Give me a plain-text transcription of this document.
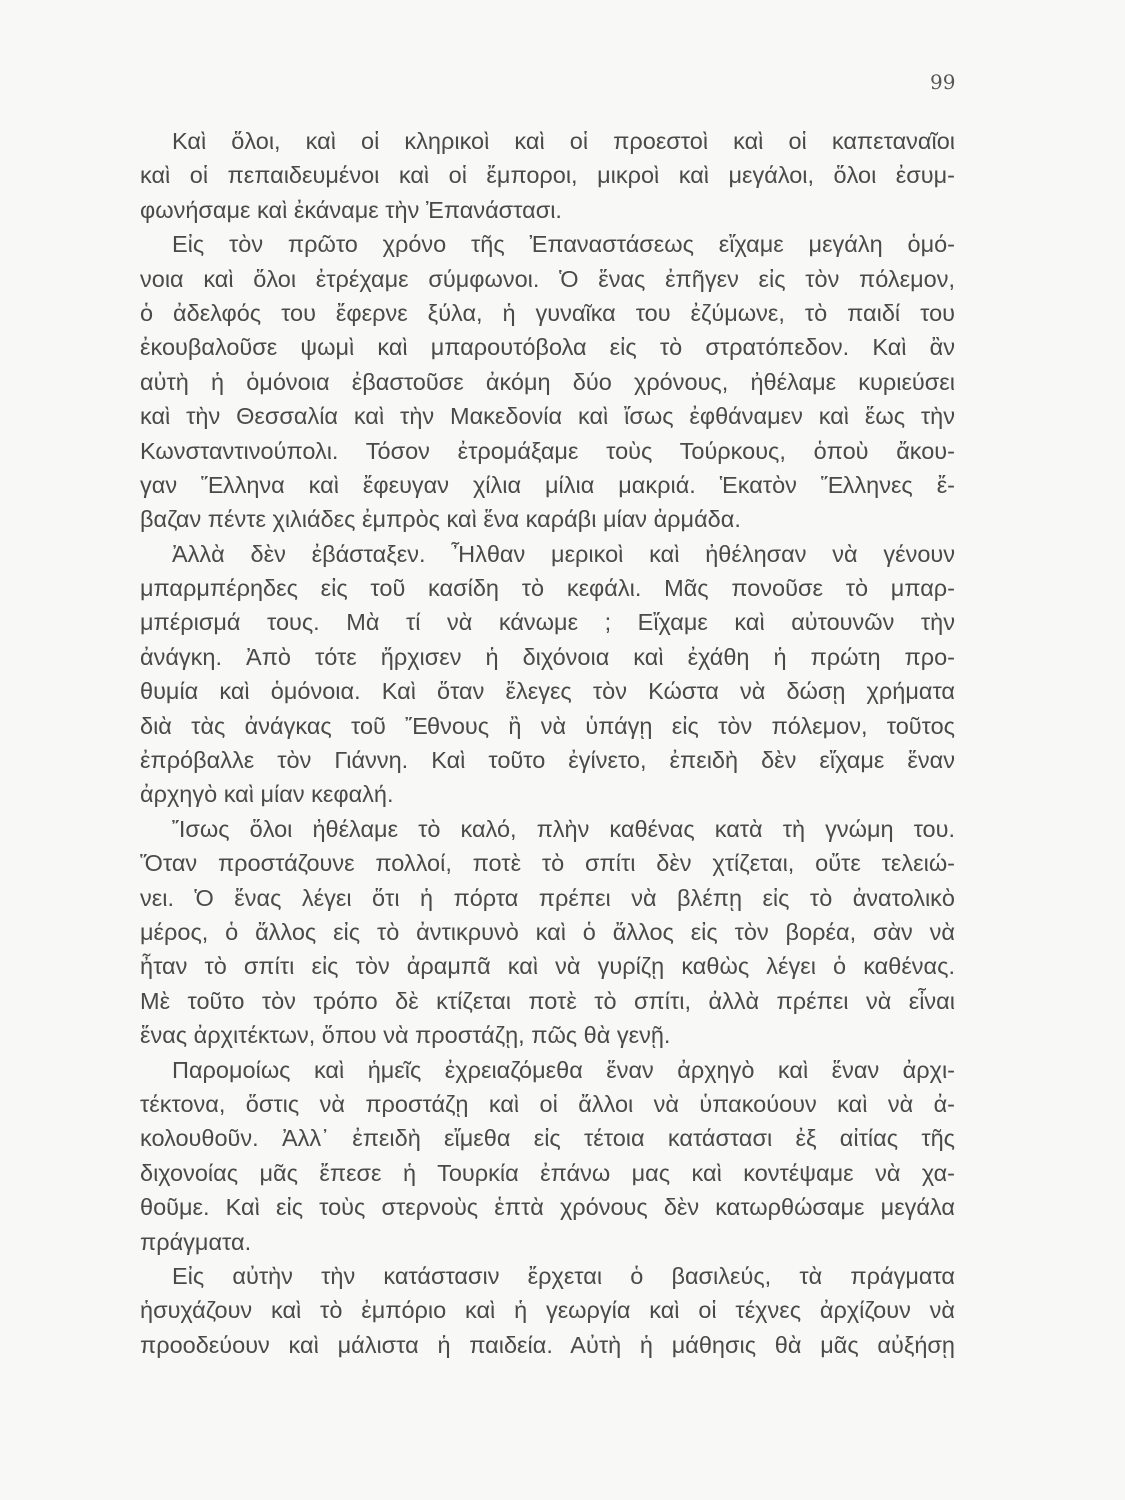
99
Καὶ ὅλοι, καὶ οἱ κληρικοὶ καὶ οἱ προεστοὶ καὶ οἱ καπεταναῖοι
καὶ οἱ πεπαιδευμένοι καὶ οἱ ἔμποροι, μικροὶ καὶ μεγάλοι, ὅλοι ἐσυμ-
φωνήσαμε καὶ ἐκάναμε τὴν Ἐπανάστασι.
Εἰς τὸν πρῶτο χρόνο τῆς Ἐπαναστάσεως εἴχαμε μεγάλη ὁμό-
νοια καὶ ὅλοι ἐτρέχαμε σύμφωνοι. Ὁ ἕνας ἐπῆγεν εἰς τὸν πόλεμον,
ὁ ἀδελφός του ἔφερνε ξύλα, ἡ γυναῖκα του ἐζύμωνε, τὸ παιδί του
ἐκουβαλοῦσε ψωμὶ καὶ μπαρουτόβολα εἰς τὸ στρατόπεδον. Καὶ ἂν
αὐτὴ ἡ ὁμόνοια ἐβαστοῦσε ἀκόμη δύο χρόνους, ἠθέλαμε κυριεύσει
καὶ τὴν Θεσσαλία καὶ τὴν Μακεδονία καὶ ἴσως ἐφθάναμεν καὶ ἕως τὴν
Κωνσταντινούπολι. Τόσον ἐτρομάξαμε τοὺς Τούρκους, ὁποὺ ἄκου-
γαν Ἕλληνα καὶ ἔφευγαν χίλια μίλια μακριά. Ἑκατὸν Ἕλληνες ἔ-
βαζαν πέντε χιλιάδες ἐμπρὸς καὶ ἕνα καράβι μίαν ἀρμάδα.
Ἀλλὰ δὲν ἐβάσταξεν. Ἦλθαν μερικοὶ καὶ ἠθέλησαν νὰ γένουν
μπαρμπέρηδες εἰς τοῦ κασίδη τὸ κεφάλι. Μᾶς πονοῦσε τὸ μπαρ-
μπέρισμά τους. Μὰ τί νὰ κάνωμε ; Εἴχαμε καὶ αὐτουνῶν τὴν
ἀνάγκη. Ἀπὸ τότε ἤρχισεν ἡ διχόνοια καὶ ἐχάθη ἡ πρώτη προ-
θυμία καὶ ὁμόνοια. Καὶ ὅταν ἔλεγες τὸν Κώστα νὰ δώσῃ χρήματα
διὰ τὰς ἀνάγκας τοῦ Ἔθνους ἢ νὰ ὑπάγῃ εἰς τὸν πόλεμον, τοῦτος
ἐπρόβαλλε τὸν Γιάννη. Καὶ τοῦτο ἐγίνετο, ἐπειδὴ δὲν εἴχαμε ἕναν
ἀρχηγὸ καὶ μίαν κεφαλή.
Ἴσως ὅλοι ἠθέλαμε τὸ καλό, πλὴν καθένας κατὰ τὴ γνώμη του.
Ὅταν προστάζουνε πολλοί, ποτὲ τὸ σπίτι δὲν χτίζεται, οὔτε τελειώ-
νει. Ὁ ἕνας λέγει ὅτι ἡ πόρτα πρέπει νὰ βλέπῃ εἰς τὸ ἀνατολικὸ
μέρος, ὁ ἄλλος εἰς τὸ ἀντικρυνὸ καὶ ὁ ἄλλος εἰς τὸν βορέα, σὰν νὰ
ἦταν τὸ σπίτι εἰς τὸν ἀραμπᾶ καὶ νὰ γυρίζῃ καθὼς λέγει ὁ καθένας.
Μὲ τοῦτο τὸν τρόπο δὲ κτίζεται ποτὲ τὸ σπίτι, ἀλλὰ πρέπει νὰ εἶναι
ἕνας ἀρχιτέκτων, ὅπου νὰ προστάζῃ, πῶς θὰ γενῇ.
Παρομοίως καὶ ἡμεῖς ἐχρειαζόμεθα ἕναν ἀρχηγὸ καὶ ἕναν ἀρχι-
τέκτονα, ὅστις νὰ προστάζῃ καὶ οἱ ἄλλοι νὰ ὑπακούουν καὶ νὰ ἀ-
κολουθοῦν. Ἀλλ᾽ ἐπειδὴ εἴμεθα εἰς τέτοια κατάστασι ἐξ αἰτίας τῆς
διχονοίας μᾶς ἔπεσε ἡ Τουρκία ἐπάνω μας καὶ κοντέψαμε νὰ χα-
θοῦμε. Καὶ εἰς τοὺς στερνοὺς ἑπτὰ χρόνους δὲν κατωρθώσαμε μεγάλα
πράγματα.
Εἰς αὐτὴν τὴν κατάστασιν ἔρχεται ὁ βασιλεύς, τὰ πράγματα
ἡσυχάζουν καὶ τὸ ἐμπόριο καὶ ἡ γεωργία καὶ οἱ τέχνες ἀρχίζουν νὰ
προοδεύουν καὶ μάλιστα ἡ παιδεία. Αὐτὴ ἡ μάθησις θὰ μᾶς αὐξήσῃ
